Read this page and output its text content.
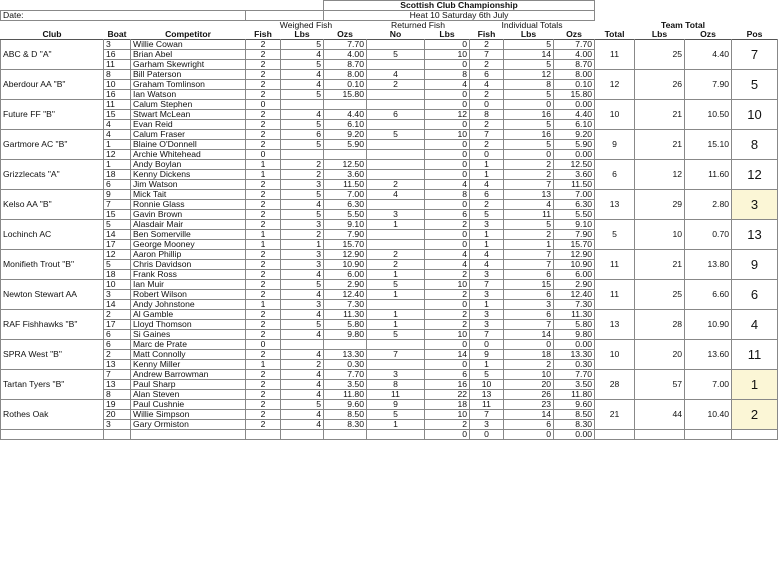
					Scottish Club Championship									
Date:					Heat 10 Saturday 6th July									
			Weighed Fish			Returned Fish		Individual Totals				Team Total		
Club	Boat	Competitor	Fish	Lbs	Ozs	No	Lbs	Fish	Lbs	Ozs	Total	Lbs	Ozs	Pos
ABC & D "A"	3	Willie Cowan	2	5	7.70		0	2	5	7.70	11	25	4.40	7
	16	Brian Abel	2	4	4.00	5	10	7	14	4.00				
	11	Garham Skewright	2	5	8.70		0	2	5	8.70				
Aberdour AA "B"	8	Bill Paterson	2	4	8.00	4	8	6	12	8.00	12	26	7.90	5
	10	Graham Tomlinson	2	4	0.10	2	4	4	8	0.10				
	16	Ian Watson	2	5	15.80		0	2	5	15.80				
Future FF "B"	11	Calum Stephen	0				0	0	0	0.00	10	21	10.50	10
	15	Stwart McLean	2	4	4.40	6	12	8	16	4.40				
	4	Evan Reid	2	5	6.10		0	2	5	6.10				
Gartmore AC "B"	4	Calum Fraser	2	6	9.20	5	10	7	16	9.20	9	21	15.10	8
	1	Blaine O'Donnell	2	5	5.90		0	2	5	5.90				
	12	Archie Whitehead	0				0	0	0	0.00				
Grizzlecats "A"	1	Andy Boylan	1	2	12.50		0	1	2	12.50	6	12	11.60	12
	18	Kenny Dickens	1	2	3.60		0	1	2	3.60				
	6	Jim Watson	2	3	11.50	2	4	4	7	11.50				
Kelso AA "B"	9	Mick Tait	2	5	7.00	4	8	6	13	7.00	13	29	2.80	3
	7	Ronnie Glass	2	4	6.30		0	2	4	6.30				
	15	Gavin Brown	2	5	5.50	3	6	5	11	5.50				
Lochinch AC	5	Alasdair Mair	2	3	9.10	1	2	3	5	9.10	5	10	0.70	13
	14	Ben Somerville	1	2	7.90		0	1	2	7.90				
	17	George Mooney	1	1	15.70		0	1	1	15.70				
Monifieth Trout "B"	12	Aaron Phillip	2	3	12.90	2	4	4	7	12.90	11	21	13.80	9
	5	Chris Davidson	2	3	10.90	2	4	4	7	10.90				
	18	Frank Ross	2	4	6.00	1	2	3	6	6.00				
Newton Stewart AA	10	Ian Muir	2	5	2.90	5	10	7	15	2.90	11	25	6.60	6
	3	Robert Wilson	2	4	12.40	1	2	3	6	12.40				
	14	Andy Johnstone	1	3	7.30		0	1	3	7.30				
RAF Fishhawks "B"	2	Al Gamble	2	4	11.30	1	2	3	6	11.30	13	28	10.90	4
	17	Lloyd Thomson	2	5	5.80	1	2	3	7	5.80				
	6	Si Gaines	2	4	9.80	5	10	7	14	9.80				
SPRA West "B"	6	Marc de Prate	0				0	0	0	0.00	10	20	13.60	11
	2	Matt Connolly	2	4	13.30	7	14	9	18	13.30				
	13	Kenny Miller	1	2	0.30		0	1	2	0.30				
Tartan Tyers "B"	7	Andrew Barrowman	2	4	7.70	3	6	5	10	7.70	28	57	7.00	1
	13	Paul Sharp	2	4	3.50	8	16	10	20	3.50				
	8	Alan Steven	2	4	11.80	11	22	13	26	11.80				
Rothes Oak	19	Paul Cushnie	2	5	9.60	9	18	11	23	9.60	21	44	10.40	2
	20	Willie Simpson	2	4	8.50	5	10	7	14	8.50				
	3	Gary Ormiston	2	4	8.30	1	2	3	6	8.30				
							0	0	0	0.00				
